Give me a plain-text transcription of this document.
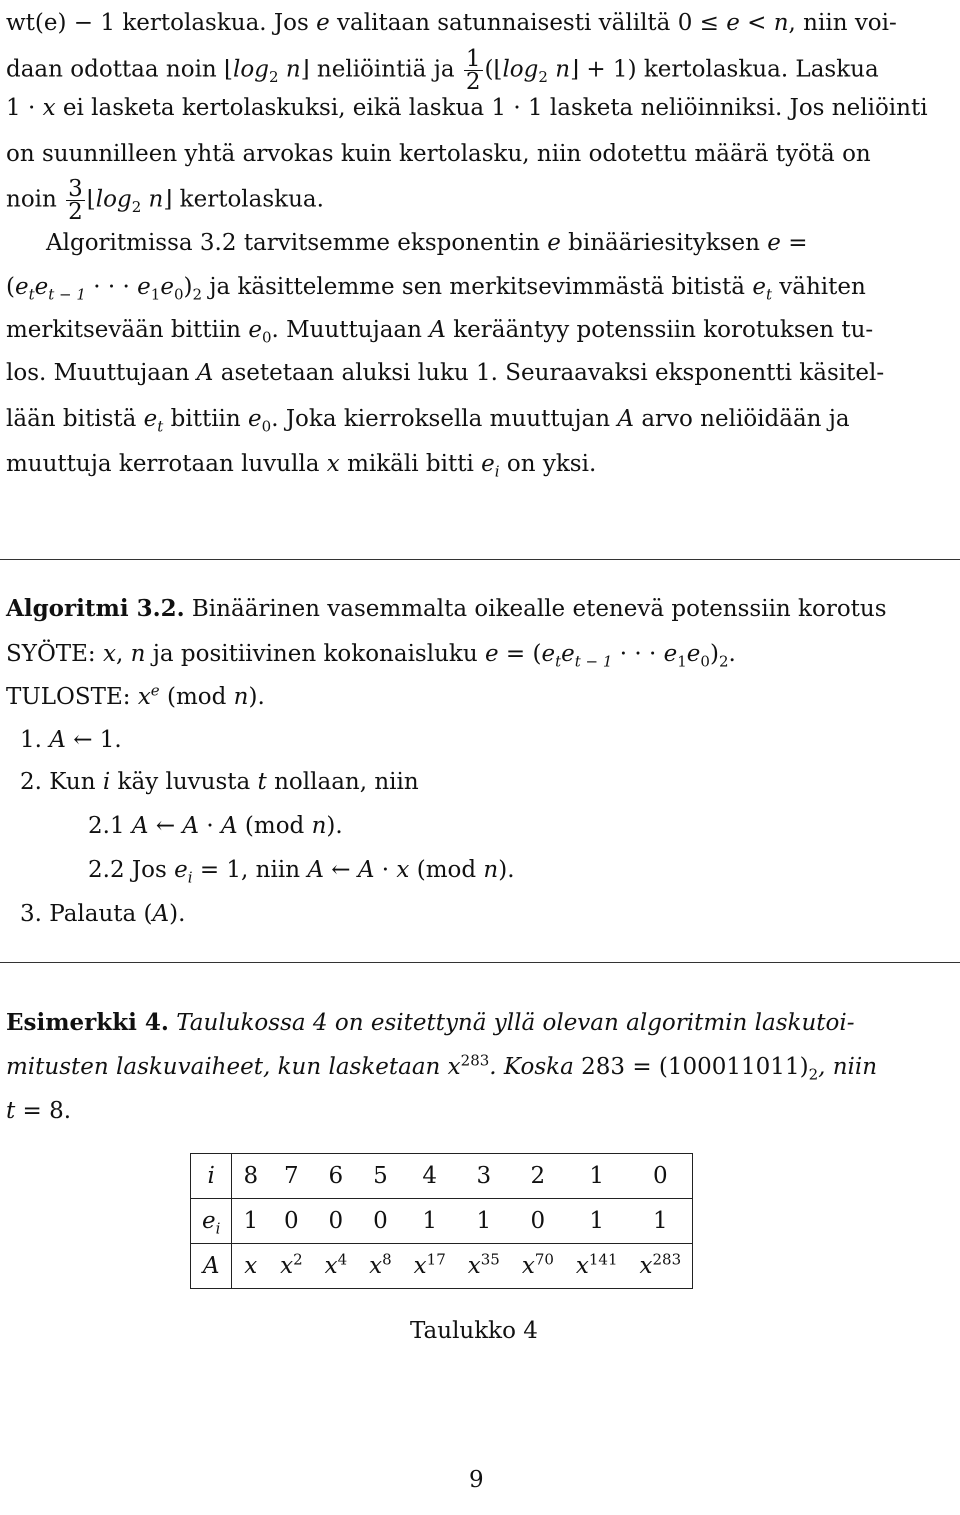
wt(e) − 1 kertolaskua. Jos e valitaan satunnaisesti väliltä 0 ≤ e < n, niin voi-
daan odottaa noin $⌊\log_2$ n⌋ neliöintiä ja $\frac{1}{2}$ ($⌊\log_2$ n⌋ + 1) kertolaskua. Laskua
1 · x ei lasketa kertolaskuksi, eikä laskua 1 · 1 lasketa neliöinniksi. Jos neliöinti
on suunnilleen yhtä arvokas kuin kertolasku, niin odotettu määrä työtä on
noin $\frac{3}{2}$ $⌊\log_2$ n⌋ kertolaskua.
Algoritmissa 3.2 tarvitsemme eksponentin e binääriesityksen e =
($e_te_{t - 1}$ · · · $e_1e_0)_2$ ja käsittelemme sen merkitsevimmästä bitistä $e_t$ vähiten
merkitsevään bittiin $e_0$. Muuttujaan A kerääntyy potenssiin korotuksen tu-
los. Muuttujaan A asetetaan aluksi luku 1. Seuraavaksi eksponentti käsitel-
lään bitistä $e_t$ bittiin $e_0$. Joka kierroksella muuttujan A arvo neliöidään ja
muuttuja kerrotaan luvulla x mikäli bitti $e_i$ on yksi.
Algoritmi 3.2. Binäärinen vasemmalta oikealle etenevä potenssiin korotus
SYÖTE: x, n ja positiivinen kokonaisluku $e = (e_te_{t - 1}$ · · · $e_1e_0)_2$.
TULOSTE: $x^e$ (mod n).
1. A ← 1.
2. Kun i käy luvusta t nollaan, niin
2.1 A ← A · A (mod n).
2.2 Jos $e_i = 1$, niin A ← A · x (mod n).
3. Palauta (A).
Esimerkki 4. Taulukossa 4 on esitettynä yllä olevan algoritmin laskutoi-
mitusten laskuvaiheet, kun lasketaan $x^{283}$. Koska $283 = (100011011)_2$, niin
t = 8.
i	8	7	6	5	4	3	2	1	0
$e_i$	1	0	0	0	1	1	0	1	1
A	x	$x^2$	$x^4$	$x^8$	$x^{17}$	$x^{35}$	$x^{70}$	$x^{141}$	$x^{283}$
Taulukko 4
9
